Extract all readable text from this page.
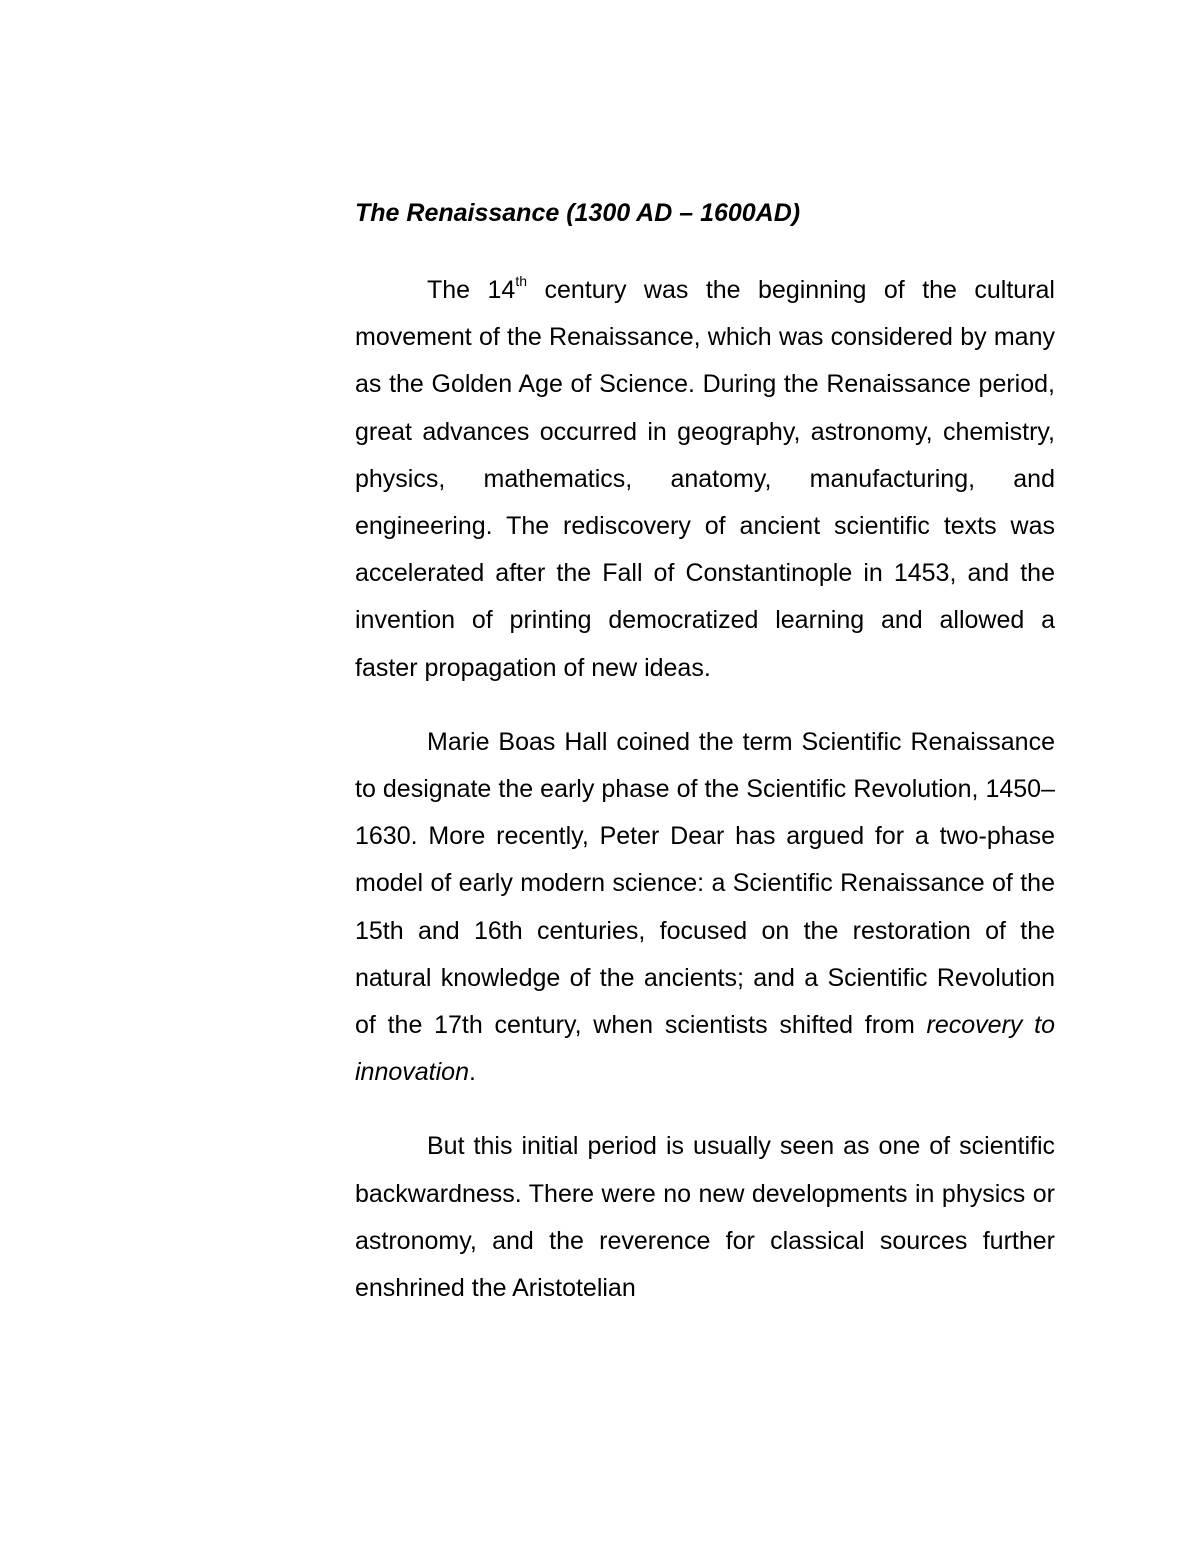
The Renaissance (1300 AD – 1600AD)

The 14th century was the beginning of the cultural movement of the Renaissance, which was considered by many as the Golden Age of Science. During the Renaissance period, great advances occurred in geography, astronomy, chemistry, physics, mathematics, anatomy, manufacturing, and engineering. The rediscovery of ancient scientific texts was accelerated after the Fall of Constantinople in 1453, and the invention of printing democratized learning and allowed a faster propagation of new ideas.

Marie Boas Hall coined the term Scientific Renaissance to designate the early phase of the Scientific Revolution, 1450–1630. More recently, Peter Dear has argued for a two-phase model of early modern science: a Scientific Renaissance of the 15th and 16th centuries, focused on the restoration of the natural knowledge of the ancients; and a Scientific Revolution of the 17th century, when scientists shifted from recovery to innovation.

But this initial period is usually seen as one of scientific backwardness. There were no new developments in physics or astronomy, and the reverence for classical sources further enshrined the Aristotelian
